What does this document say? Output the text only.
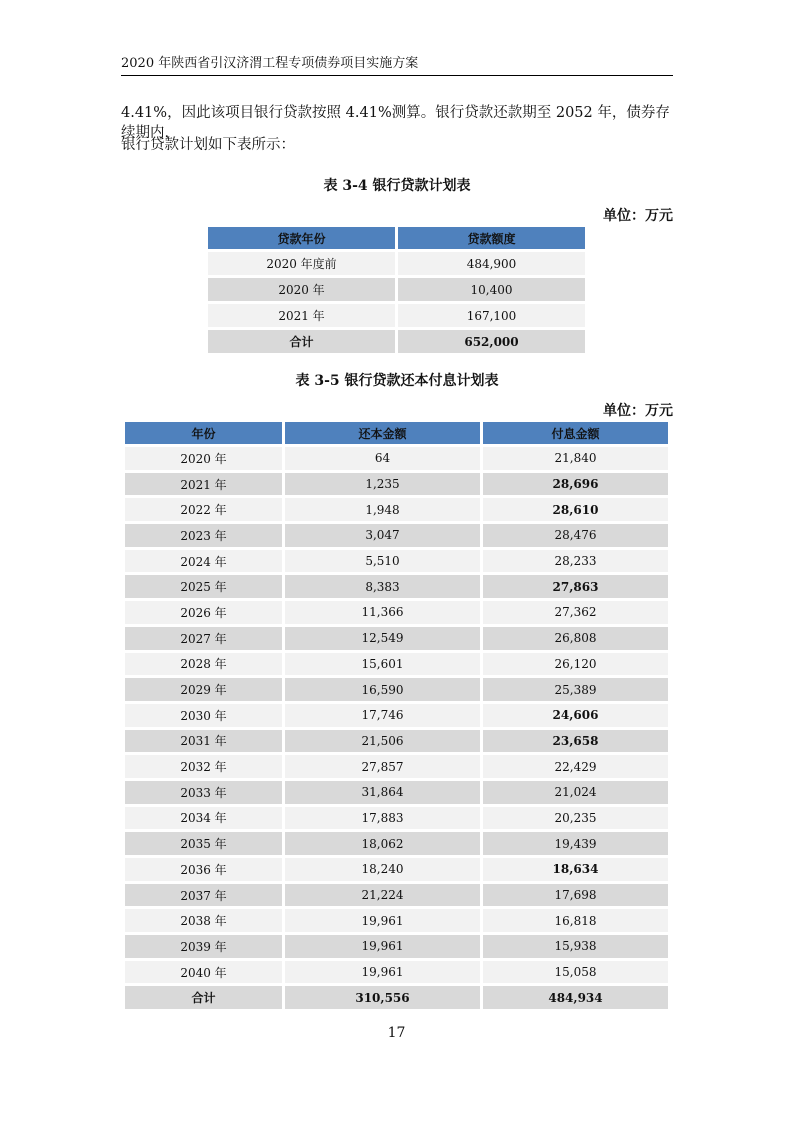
2020 年陕西省引汉济渭工程专项债券项目实施方案
4.41%，因此该项目银行贷款按照 4.41%测算。银行贷款还款期至 2052 年，债券存续期内，
银行贷款计划如下表所示：
表 3-4 银行贷款计划表
单位：万元
贷款年份	贷款额度
2020 年度前	484,900
2020 年	10,400
2021 年	167,100
合计	652,000
表 3-5 银行贷款还本付息计划表
单位：万元
年份	还本金额	付息金额
2020 年	64	21,840
2021 年	1,235	28,696
2022 年	1,948	28,610
2023 年	3,047	28,476
2024 年	5,510	28,233
2025 年	8,383	27,863
2026 年	11,366	27,362
2027 年	12,549	26,808
2028 年	15,601	26,120
2029 年	16,590	25,389
2030 年	17,746	24,606
2031 年	21,506	23,658
2032 年	27,857	22,429
2033 年	31,864	21,024
2034 年	17,883	20,235
2035 年	18,062	19,439
2036 年	18,240	18,634
2037 年	21,224	17,698
2038 年	19,961	16,818
2039 年	19,961	15,938
2040 年	19,961	15,058
合计	310,556	484,934
17
